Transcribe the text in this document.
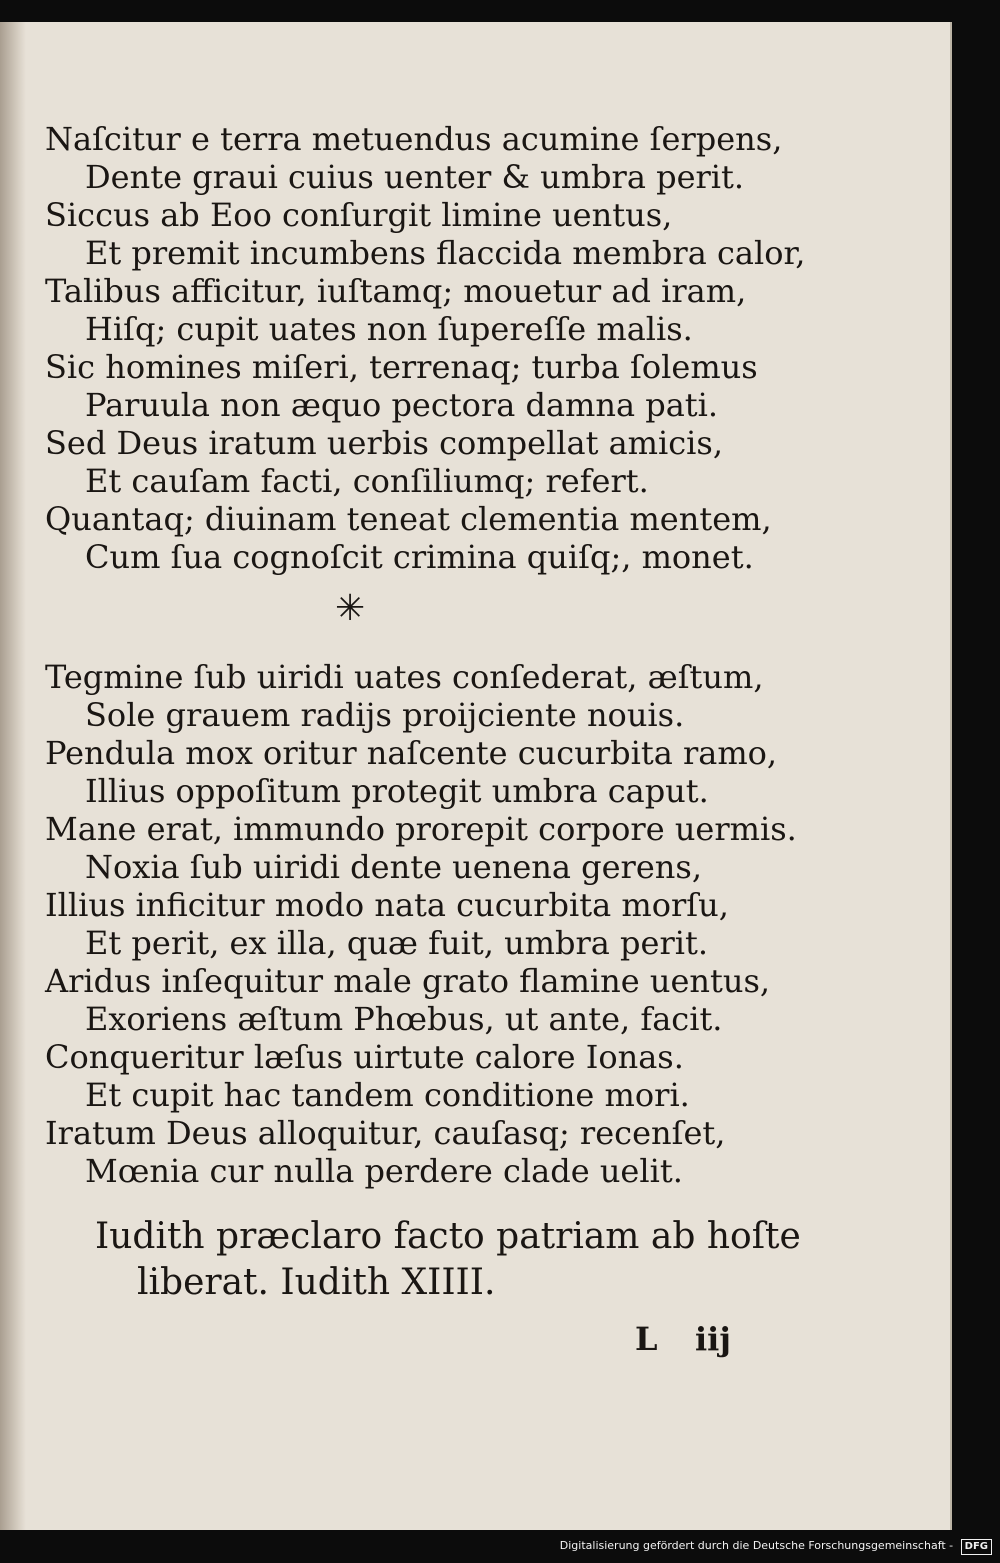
Naſcitur e terra metuendus acumine ſerpens,
Dente graui cuius uenter & umbra perit.
Siccus ab Eoo conſurgit limine uentus,
Et premit incumbens flaccida membra calor,
Talibus afficitur, iuſtamq; mouetur ad iram,
Hiſq; cupit uates non ſupereſſe malis.
Sic homines miſeri, terrenaq; turba ſolemus
Paruula non æquo pectora damna pati.
Sed Deus iratum uerbis compellat amicis,
Et cauſam facti, conſiliumq; refert.
Quantaq; diuinam teneat clementia mentem,
Cum ſua cognoſcit crimina quiſq;, monet.
✳
Tegmine ſub uiridi uates conſederat, æſtum,
Sole grauem radijs proijciente nouis.
Pendula mox oritur naſcente cucurbita ramo,
Illius oppoſitum protegit umbra caput.
Mane erat, immundo prorepit corpore uermis.
Noxia ſub uiridi dente uenena gerens,
Illius inficitur modo nata cucurbita morſu,
Et perit, ex illa, quæ fuit, umbra perit.
Aridus inſequitur male grato flamine uentus,
Exoriens æſtum Phœbus, ut ante, facit.
Conqueritur læſus uirtute calore Ionas.
Et cupit hac tandem conditione mori.
Iratum Deus alloquitur, cauſasq; recenſet,
Mœnia cur nulla perdere clade uelit.
Iudith præclaro facto patriam ab hoſte
liberat. Iudith XIIII.
L iij
Digitalisierung gefördert durch die Deutsche Forschungsgemeinschaft - DFG
